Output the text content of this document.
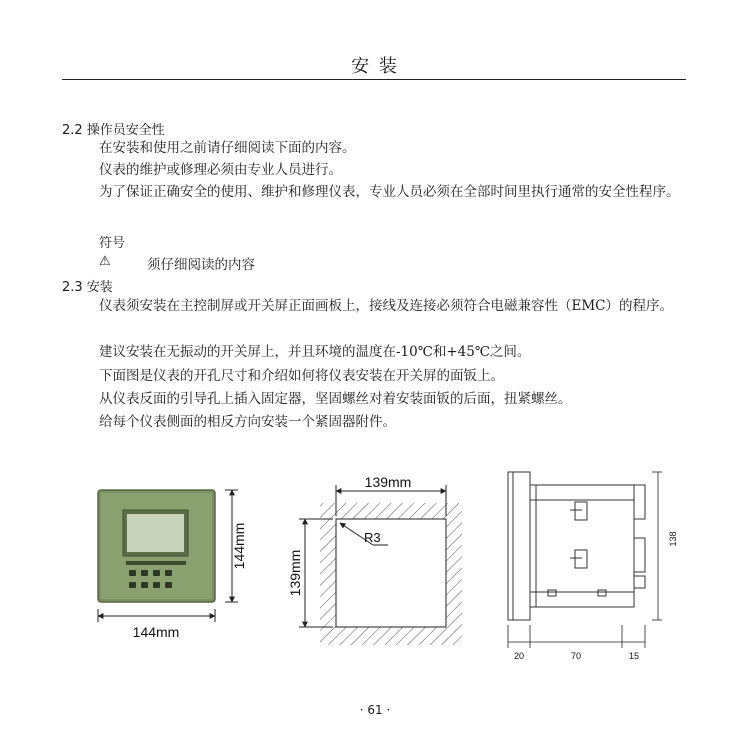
安 装
2.2 操作员安全性
在安装和使用之前请仔细阅读下面的内容。
仪表的维护或修理必须由专业人员进行。
为了保证正确安全的使用、维护和修理仪表，专业人员必须在全部时间里执行通常的安全性程序。
符号
⚠	须仔细阅读的内容
2.3 安装
仪表须安装在主控制屏或开关屏正面画板上，接线及连接必须符合电磁兼容性（EMC）的程序。
建议安装在无振动的开关屏上，并且环境的温度在-10℃和+45℃之间。
下面图是仪表的开孔尺寸和介绍如何将仪表安装在开关屏的面钣上。
从仪表反面的引导孔上插入固定器，坚固螺丝对着安装面钣的后面，扭紧螺丝。
给每个仪表侧面的相反方向安装一个紧固器附件。
144mm
144mm
139mm
139mm
R3	138
20	70	15
· 61 ·
